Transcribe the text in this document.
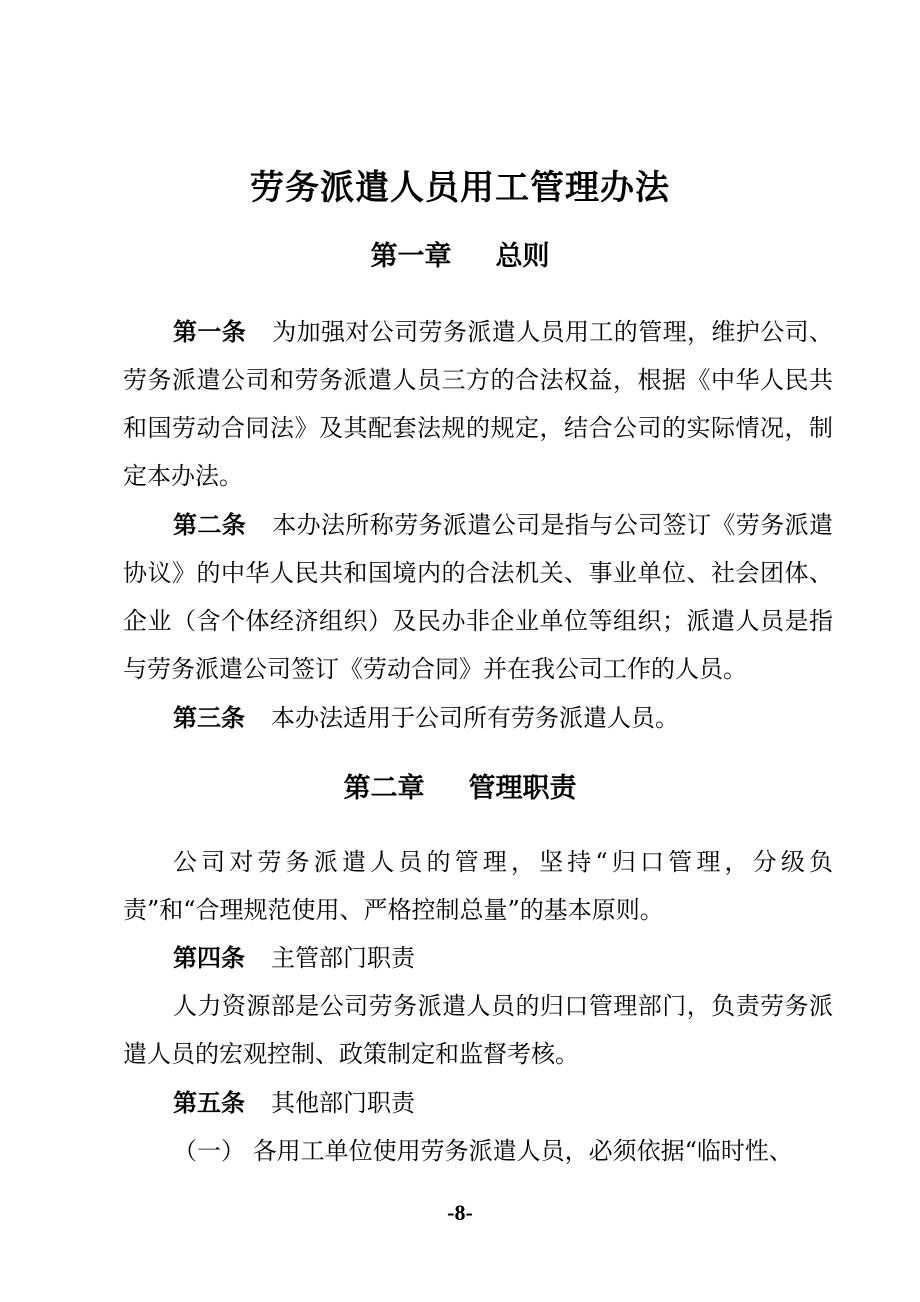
劳务派遣人员用工管理办法
第一章 总则
第一条 为加强对公司劳务派遣人员用工的管理，维护公司、劳务派遣公司和劳务派遣人员三方的合法权益，根据《中华人民共和国劳动合同法》及其配套法规的规定，结合公司的实际情况，制定本办法。
第二条 本办法所称劳务派遣公司是指与公司签订《劳务派遣协议》的中华人民共和国境内的合法机关、事业单位、社会团体、企业（含个体经济组织）及民办非企业单位等组织；派遣人员是指与劳务派遣公司签订《劳动合同》并在我公司工作的人员。
第三条 本办法适用于公司所有劳务派遣人员。
第二章 管理职责
公司对劳务派遣人员的管理，坚持“归口管理，分级负责”和“合理规范使用、严格控制总量”的基本原则。
第四条 主管部门职责
人力资源部是公司劳务派遣人员的归口管理部门，负责劳务派遣人员的宏观控制、政策制定和监督考核。
第五条 其他部门职责
（一） 各用工单位使用劳务派遣人员，必须依据“临时性、
-8-
